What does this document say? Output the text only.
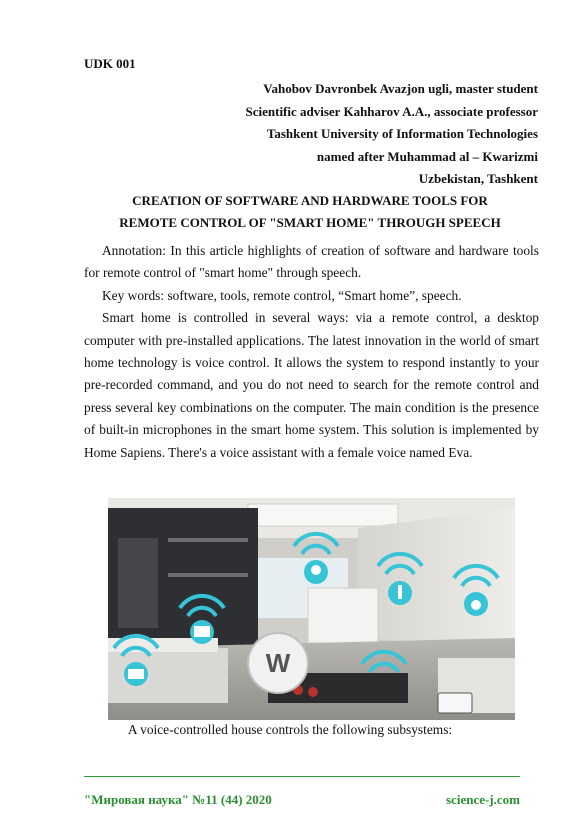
UDK 001
Vahobov Davronbek Avazjon ugli, master student
Scientific adviser Kahharov A.A., associate professor
Tashkent University of Information Technologies
named after Muhammad al – Kwarizmi
Uzbekistan, Tashkent
CREATION OF SOFTWARE AND HARDWARE TOOLS FOR
REMOTE CONTROL OF "SMART HOME" THROUGH SPEECH

Annotation: In this article highlights of creation of software and hardware tools for remote control of "smart home" through speech.

Key words: software, tools, remote control, “Smart home”, speech.

Smart home is controlled in several ways: via a remote control, a desktop computer with pre-installed applications. The latest innovation in the world of smart home technology is voice control. It allows the system to respond instantly to your pre-recorded command, and you do not need to search for the remote control and press several key combinations on the computer. The main condition is the presence of built-in microphones in the smart home system. This solution is implemented by Home Sapiens. There's a voice assistant with a female voice named Eva.

W
A voice-controlled house controls the following subsystems:
"Мировая наука" №11 (44) 2020	science-j.com
